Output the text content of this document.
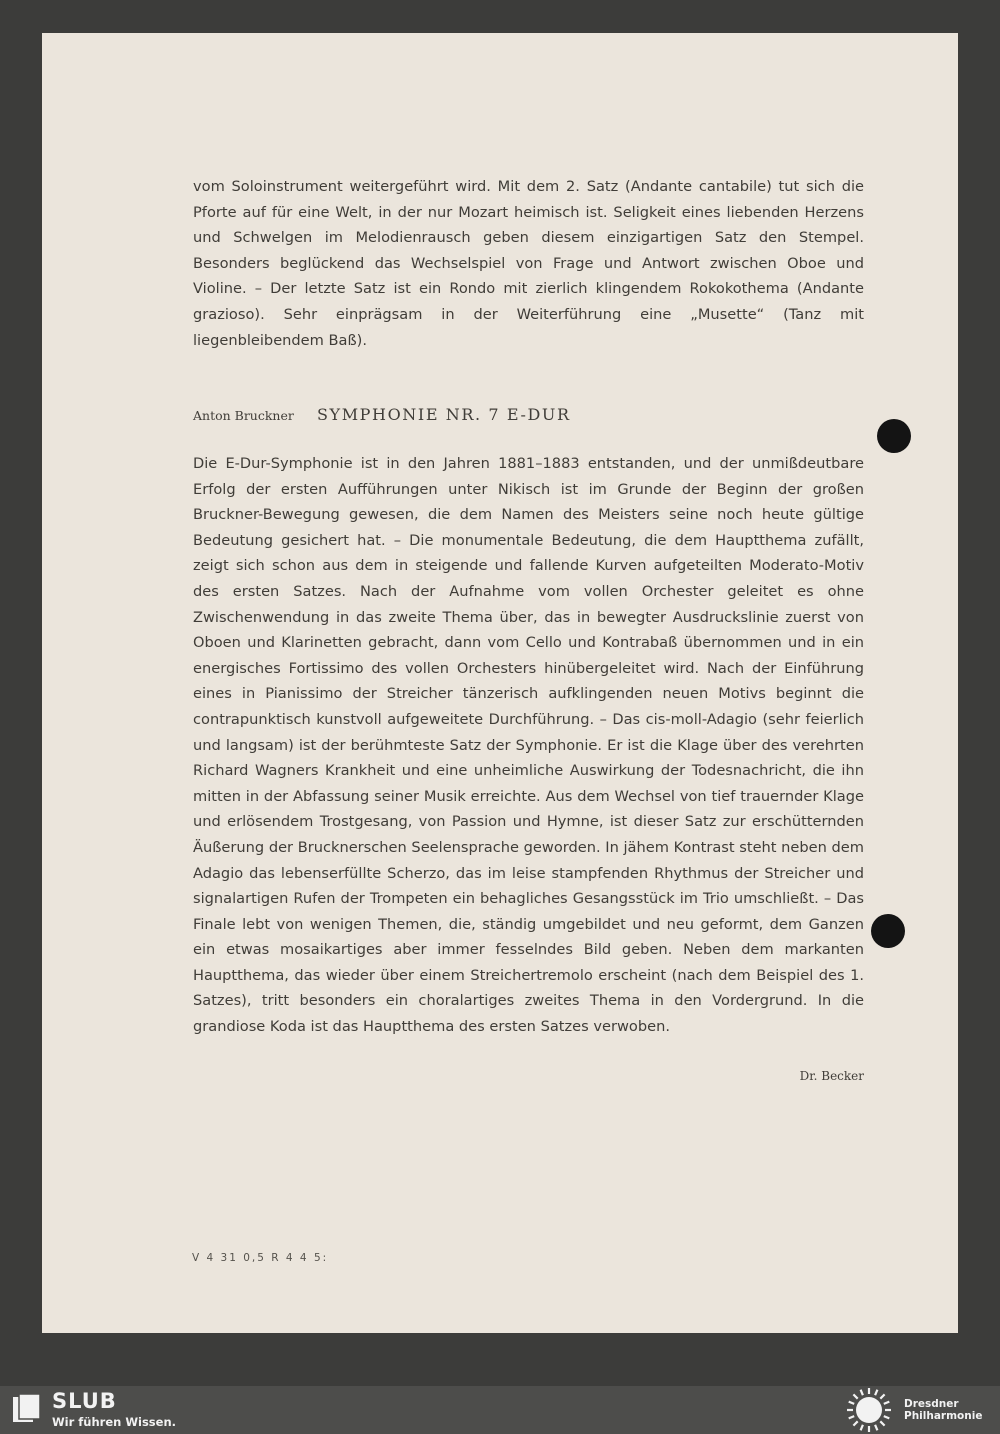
vom Soloinstrument weitergeführt wird. Mit dem 2. Satz (Andante cantabile) tut sich die Pforte auf für eine Welt, in der nur Mozart heimisch ist. Seligkeit eines liebenden Herzens und Schwelgen im Melodienrausch geben diesem einzigartigen Satz den Stempel. Besonders beglückend das Wechselspiel von Frage und Antwort zwischen Oboe und Violine. – Der letzte Satz ist ein Rondo mit zierlich klingendem Rokokothema (Andante grazioso). Sehr einprägsam in der Weiterführung eine „Musette“ (Tanz mit liegenbleibendem Baß).

Anton Bruckner SYMPHONIE NR. 7 E-DUR

Die E-Dur-Symphonie ist in den Jahren 1881–1883 entstanden, und der unmißdeutbare Erfolg der ersten Aufführungen unter Nikisch ist im Grunde der Beginn der großen Bruckner-Bewegung gewesen, die dem Namen des Meisters seine noch heute gültige Bedeutung gesichert hat. – Die monumentale Bedeutung, die dem Hauptthema zufällt, zeigt sich schon aus dem in steigende und fallende Kurven aufgeteilten Moderato-Motiv des ersten Satzes. Nach der Aufnahme vom vollen Orchester geleitet es ohne Zwischenwendung in das zweite Thema über, das in bewegter Ausdruckslinie zuerst von Oboen und Klarinetten gebracht, dann vom Cello und Kontrabaß übernommen und in ein energisches Fortissimo des vollen Orchesters hinübergeleitet wird. Nach der Einführung eines in Pianissimo der Streicher tänzerisch aufklingenden neuen Motivs beginnt die contrapunktisch kunstvoll aufgeweitete Durchführung. – Das cis-moll-Adagio (sehr feierlich und langsam) ist der berühmteste Satz der Symphonie. Er ist die Klage über des verehrten Richard Wagners Krankheit und eine unheimliche Auswirkung der Todesnachricht, die ihn mitten in der Abfassung seiner Musik erreichte. Aus dem Wechsel von tief trauernder Klage und erlösendem Trostgesang, von Passion und Hymne, ist dieser Satz zur erschütternden Äußerung der Brucknerschen Seelensprache geworden. In jähem Kontrast steht neben dem Adagio das lebenserfüllte Scherzo, das im leise stampfenden Rhythmus der Streicher und signalartigen Rufen der Trompeten ein behagliches Gesangsstück im Trio umschließt. – Das Finale lebt von wenigen Themen, die, ständig umgebildet und neu geformt, dem Ganzen ein etwas mosaikartiges aber immer fesselndes Bild geben. Neben dem markanten Hauptthema, das wieder über einem Streichertremolo erscheint (nach dem Beispiel des 1. Satzes), tritt besonders ein choralartiges zweites Thema in den Vordergrund. In die grandiose Koda ist das Hauptthema des ersten Satzes verwoben.

Dr. Becker
V 4 31 0,5 R 4 4 5:
SLUB
Wir führen Wissen.
Dresdner
Philharmonie
